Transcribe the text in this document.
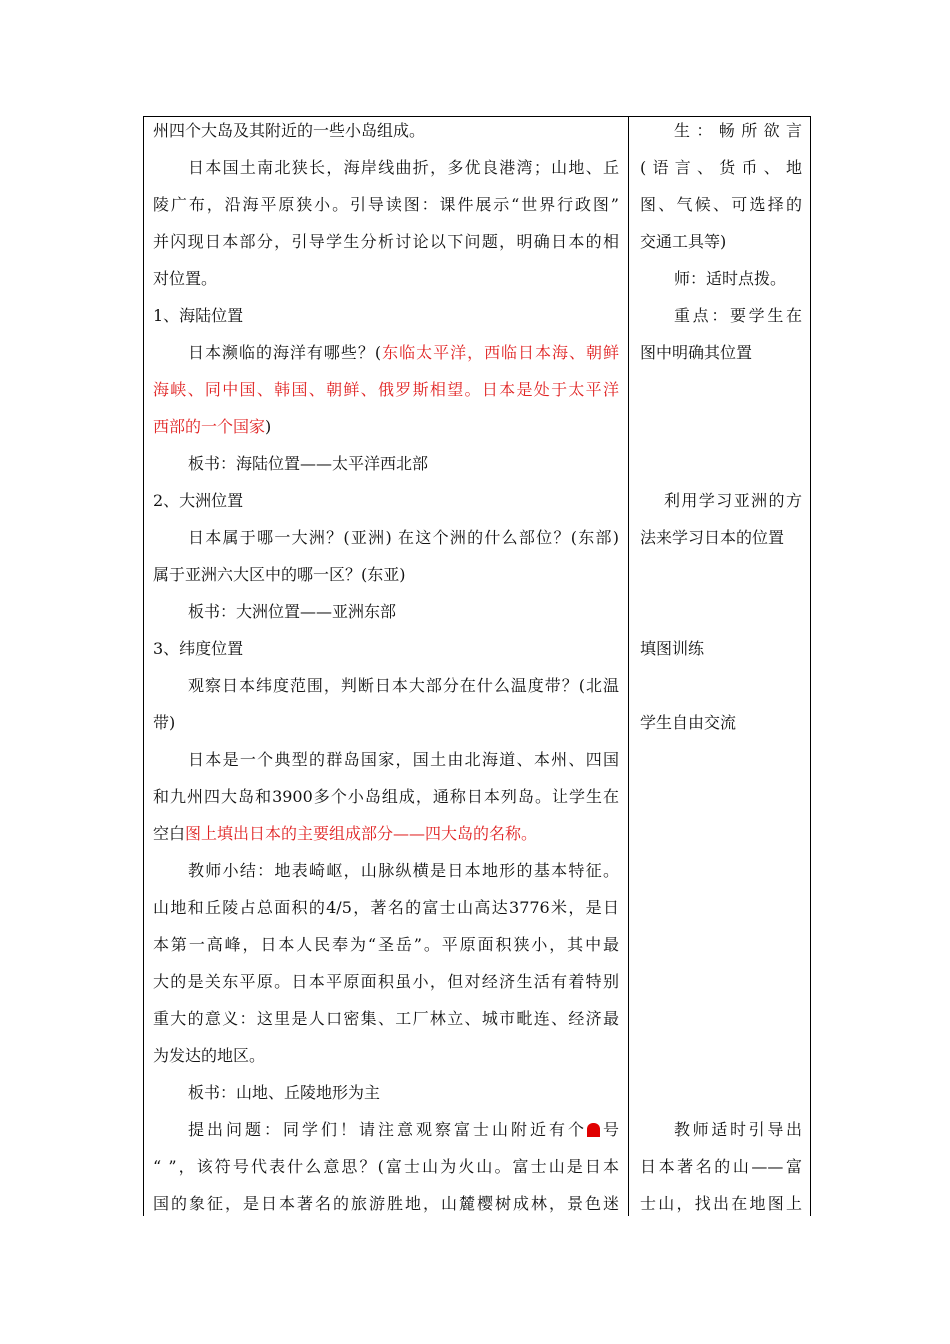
州四个大岛及其附近的一些小岛组成。
日本国土南北狭长，海岸线曲折，多优良港湾；山地、丘
陵广布，沿海平原狭小。引导读图：课件展示“世界行政图”
并闪现日本部分，引导学生分析讨论以下问题，明确日本的相
对位置。
1、海陆位置
日本濒临的海洋有哪些？(东临太平洋，西临日本海、朝鲜
海峡、同中国、韩国、朝鲜、俄罗斯相望。日本是处于太平洋
西部的一个国家)
板书：海陆位置——太平洋西北部
2、大洲位置
日本属于哪一大洲？(亚洲) 在这个洲的什么部位？(东部)
属于亚洲六大区中的哪一区？(东亚)
板书：大洲位置——亚洲东部
3、纬度位置
观察日本纬度范围，判断日本大部分在什么温度带？(北温
带)
日本是一个典型的群岛国家，国土由北海道、本州、四国
和九州四大岛和3900多个小岛组成，通称日本列岛。让学生在
空白图上填出日本的主要组成部分——四大岛的名称。
教师小结：地表崎岖，山脉纵横是日本地形的基本特征。
山地和丘陵占总面积的4/5，著名的富士山高达3776米，是日
本第一高峰，日本人民奉为“圣岳”。平原面积狭小，其中最
大的是关东平原。日本平原面积虽小，但对经济生活有着特别
重大的意义：这里是人口密集、工厂林立、城市毗连、经济最
为发达的地区。
板书：山地、丘陵地形为主
提出问题：同学们！请注意观察富士山附近有个 号
“ ”，该符号代表什么意思？(富士山为火山。富士山是日本
国的象征，是日本著名的旅游胜地，山麓樱树成林，景色迷
生：畅所欲言
(语言、货币、地
图、气候、可选择的
交通工具等)
师：适时点拨。
重点：要学生在
图中明确其位置
利用学习亚洲的方
法来学习日本的位置
填图训练
学生自由交流
教师适时引导出
日本著名的山——富
士山，找出在地图上
